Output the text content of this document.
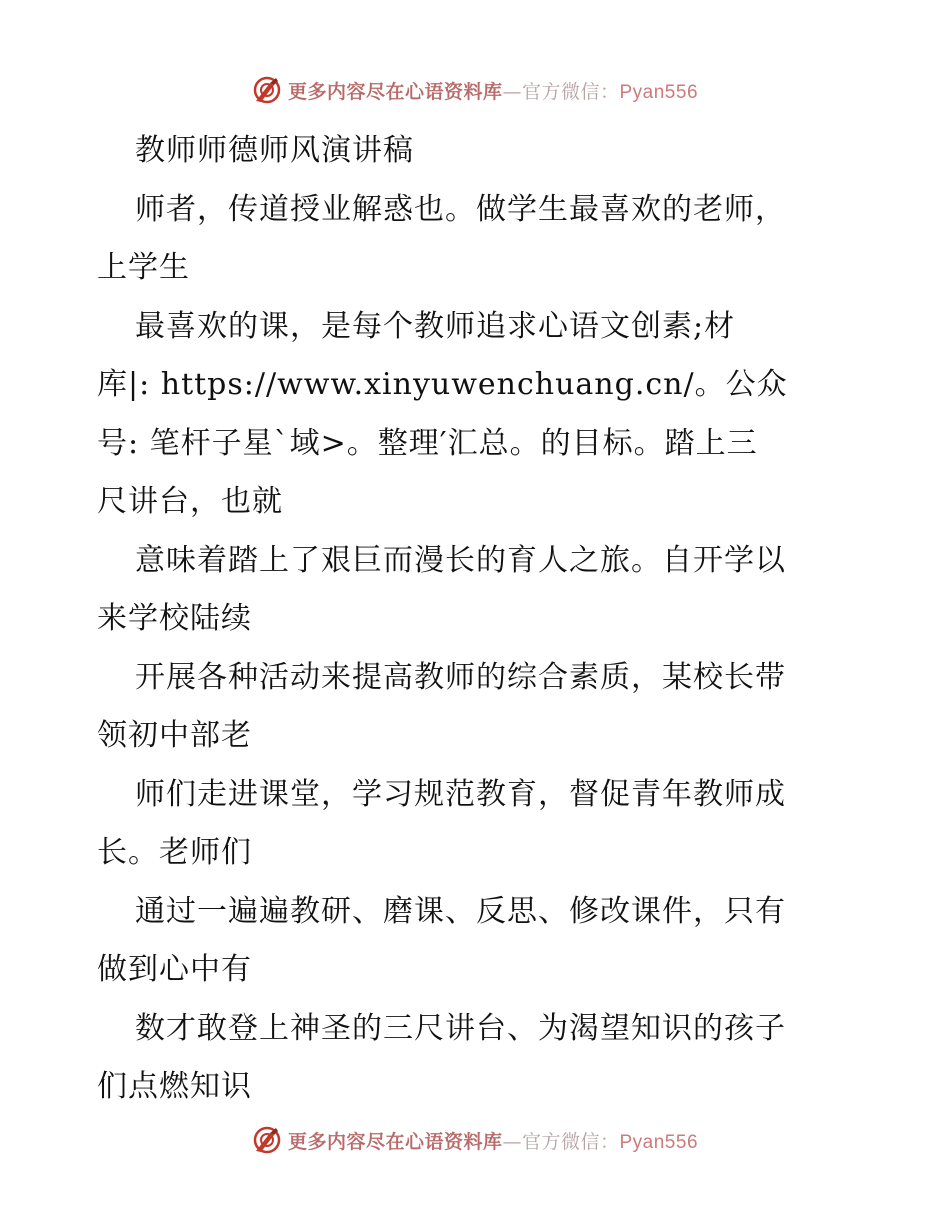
更多内容尽在心语资料库—官方微信：Pyan556
教师师德师风演讲稿
师者，传道授业解惑也。做学生最喜欢的老师，
上学生
最喜欢的课，是每个教师追求心语文创素;材
库|: https://www.xinyuwenchuang.cn/。公众
号: 笔杆子星`域>。整理′汇总。的目标。踏上三
尺讲台，也就
意味着踏上了艰巨而漫长的育人之旅。自开学以
来学校陆续
开展各种活动来提高教师的综合素质，某校长带
领初中部老
师们走进课堂，学习规范教育，督促青年教师成
长。老师们
通过一遍遍教研、磨课、反思、修改课件，只有
做到心中有
数才敢登上神圣的三尺讲台、为渴望知识的孩子
们点燃知识
更多内容尽在心语资料库—官方微信：Pyan556
